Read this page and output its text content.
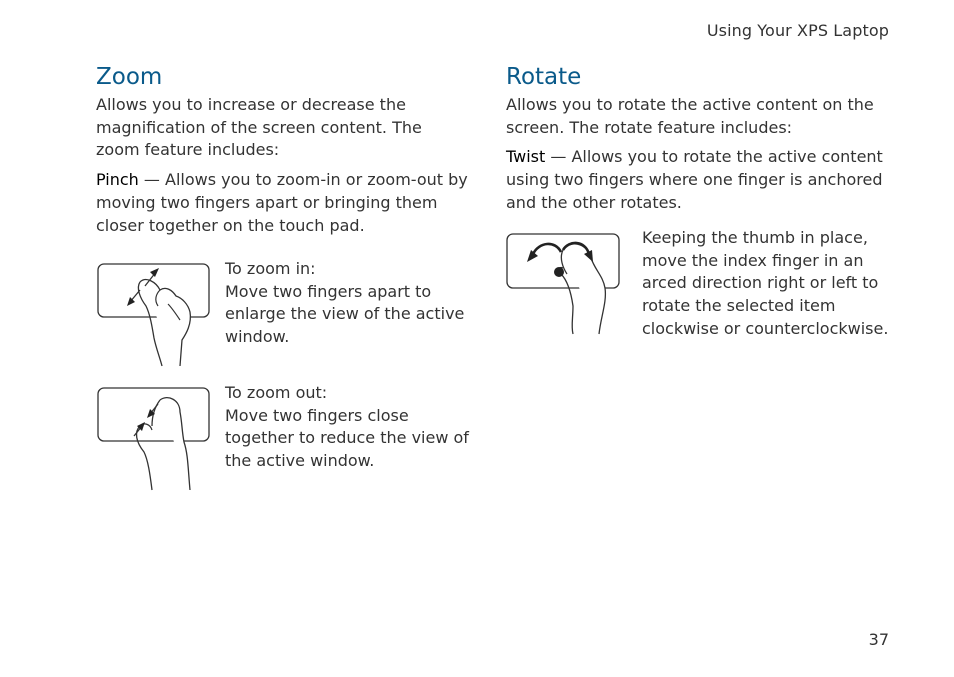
Using Your XPS Laptop
Zoom

Allows you to increase or decrease the magnification of the screen content. The zoom feature includes:

Pinch — Allows you to zoom-in or zoom-out by moving two fingers apart or bringing them closer together on the touch pad.

To zoom in:

Move two fingers apart to enlarge the view of the active window.

To zoom out:

Move two fingers close together to reduce the view of the active window.

Rotate

Allows you to rotate the active content on the screen. The rotate feature includes:

Twist — Allows you to rotate the active content using two fingers where one finger is anchored and the other rotates.

Keeping the thumb in place, move the index finger in an arced direction right or left to rotate the selected item clockwise or counterclockwise.

37
